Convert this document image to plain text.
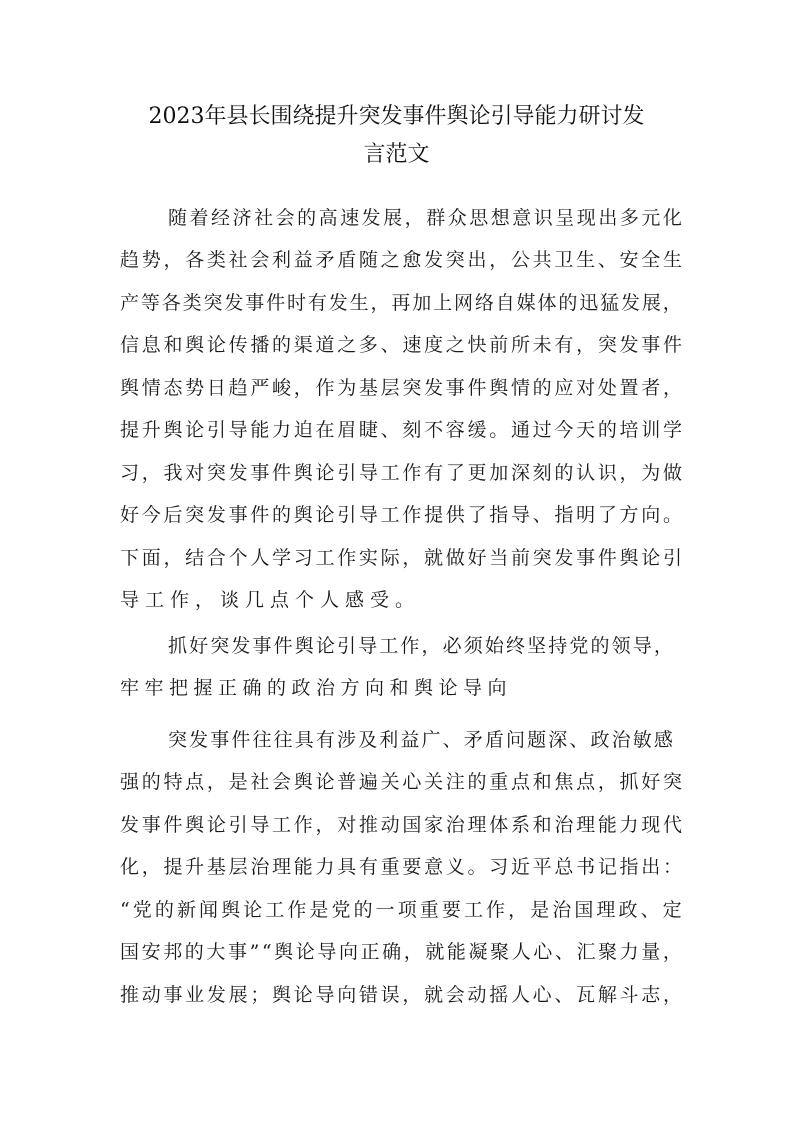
2023年县长围绕提升突发事件舆论引导能力研讨发
言范文
随 着 经 济 社 会 的 高 速 发 展 ， 群 众 思 想 意 识 呈 现 出 多 元 化
趋 势 ， 各 类 社 会 利 益 矛 盾 随 之 愈 发 突 出 ， 公 共 卫 生 、 安 全 生
产 等 各 类 突 发 事 件 时 有 发 生 ， 再 加 上 网 络 自 媒 体 的 迅 猛 发 展 ，
信 息 和 舆 论 传 播 的 渠 道 之 多 、 速 度 之 快 前 所 未 有 ， 突 发 事 件
舆 情 态 势 日 趋 严 峻 ， 作 为 基 层 突 发 事 件 舆 情 的 应 对 处 置 者 ，
提 升 舆 论 引 导 能 力 迫 在 眉 睫 、 刻 不 容 缓 。 通 过 今 天 的 培 训 学
习 ， 我 对 突 发 事 件 舆 论 引 导 工 作 有 了 更 加 深 刻 的 认 识 ， 为 做
好 今 后 突 发 事 件 的 舆 论 引 导 工 作 提 供 了 指 导 、 指 明 了 方 向 。
下 面 ， 结 合 个 人 学 习 工 作 实 际 ， 就 做 好 当 前 突 发 事 件 舆 论 引
导工作，谈几点个人感受。
抓 好 突 发 事 件 舆 论 引 导 工 作 ， 必 须 始 终 坚 持 党 的 领 导 ，
牢牢把握正确的政治方向和舆论导向
突 发 事 件 往 往 具 有 涉 及 利 益 广 、 矛 盾 问 题 深 、 政 治 敏 感
强 的 特 点 ， 是 社 会 舆 论 普 遍 关 心 关 注 的 重 点 和 焦 点 ， 抓 好 突
发 事 件 舆 论 引 导 工 作 ， 对 推 动 国 家 治 理 体 系 和 治 理 能 力 现 代
化 ， 提 升 基 层 治 理 能 力 具 有 重 要 意 义 。 习 近 平 总 书 记 指 出 ：
“ 党 的 新 闻 舆 论 工 作 是 党 的 一 项 重 要 工 作 ， 是 治 国 理 政 、 定
国 安 邦 的 大 事 ” “ 舆 论 导 向 正 确 ， 就 能 凝 聚 人 心 、 汇 聚 力 量 ，
推 动 事 业 发 展 ； 舆 论 导 向 错 误 ， 就 会 动 摇 人 心 、 瓦 解 斗 志 ，
